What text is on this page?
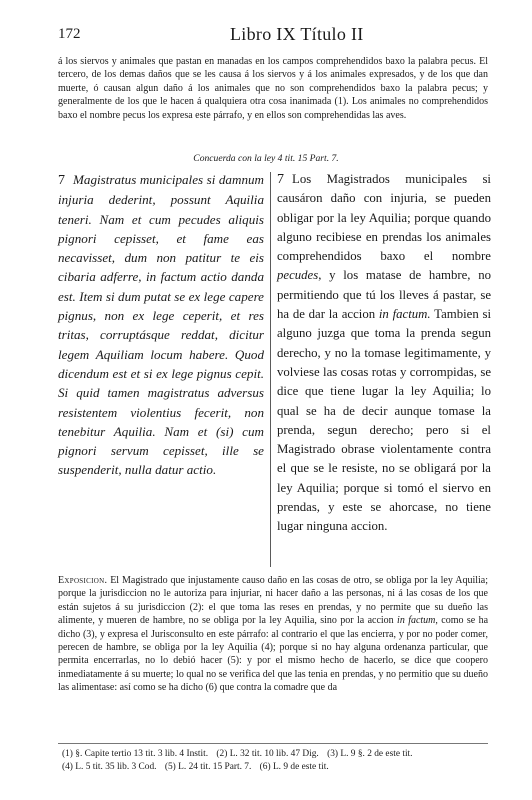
172	Libro IX Título II
á los siervos y animales que pastan en manadas en los campos comprehendidos baxo la palabra pecus. El tercero, de los demas daños que se les causa á los siervos y á los animales expresados, y de los que dan muerte, ó causan algun daño á los animales que no son comprehendidos baxo la palabra pecus; y generalmente de los que le hacen á qualquiera otra cosa inanimada (1). Los animales no comprehendidos baxo el nombre pecus los expresa este párrafo, y en ellos son comprehendidas las aves.
Concuerda con la ley 4 tit. 15 Part. 7.
7 Magistratus municipales si damnum injuria dederint, possunt Aquilia teneri. Nam et cum pecudes aliquis pignori cepisset, et fame eas necavisset, dum non patitur te eis cibaria adferre, in factum actio danda est. Item si dum putat se ex lege capere pignus, non ex lege ceperit, et res tritas, corruptásque reddat, dicitur legem Aquiliam locum habere. Quod dicendum est et si ex lege pignus cepit. Si quid tamen magistratus adversus resistentem violentius fecerit, non tenebitur Aquilia. Nam et (si) cum pignori servum cepisset, ille se suspenderit, nulla datur actio.
7 Los Magistrados municipales si causáron daño con injuria, se pueden obligar por la ley Aquilia; porque quando alguno recibiese en prendas los animales comprehendidos baxo el nombre pecudes, y los matase de hambre, no permitiendo que tú los lleves á pastar, se ha de dar la accion in factum. Tambien si alguno juzga que toma la prenda segun derecho, y no la tomase legitimamente, y volviese las cosas rotas y corrompidas, se dice que tiene lugar la ley Aquilia; lo qual se ha de decir aunque tomase la prenda, segun derecho; pero si el Magistrado obrase violentamente contra el que se le resiste, no se obligará por la ley Aquilia; porque si tomó el siervo en prendas, y este se ahorcase, no tiene lugar ninguna accion.
Exposicion. El Magistrado que injustamente causo daño en las cosas de otro, se obliga por la ley Aquilia; porque la jurisdiccion no le autoriza para injuriar, ni hacer daño a las personas, ni á las cosas de los que están sujetos á su jurisdiccion (2): el que toma las reses en prendas, y no permite que su dueño las alimente, y mueren de hambre, no se obliga por la ley Aquilia, sino por la accion in factum, como se ha dicho (3), y expresa el Jurisconsulto en este párrafo: al contrario el que las encierra, y por no poder comer, perecen de hambre, se obliga por la ley Aquilia (4); porque si no hay alguna ordenanza particular, que permita encerrarlas, no lo debió hacer (5): y por el mismo hecho de hacerlo, se dice que coopero inmediatamente á su muerte; lo qual no se verifica del que las tenia en prendas, y no permitio que su dueño las alimentase: así como se ha dicho (6) que contra la comadre que da
(1) §. Capite tertio 13 tit. 3 lib. 4 Instit. (2) L. 32 tit. 10 lib. 47 Dig. (3) L. 9 §. 2 de este tit.
(4) L. 5 tit. 35 lib. 3 Cod. (5) L. 24 tit. 15 Part. 7. (6) L. 9 de este tit.
